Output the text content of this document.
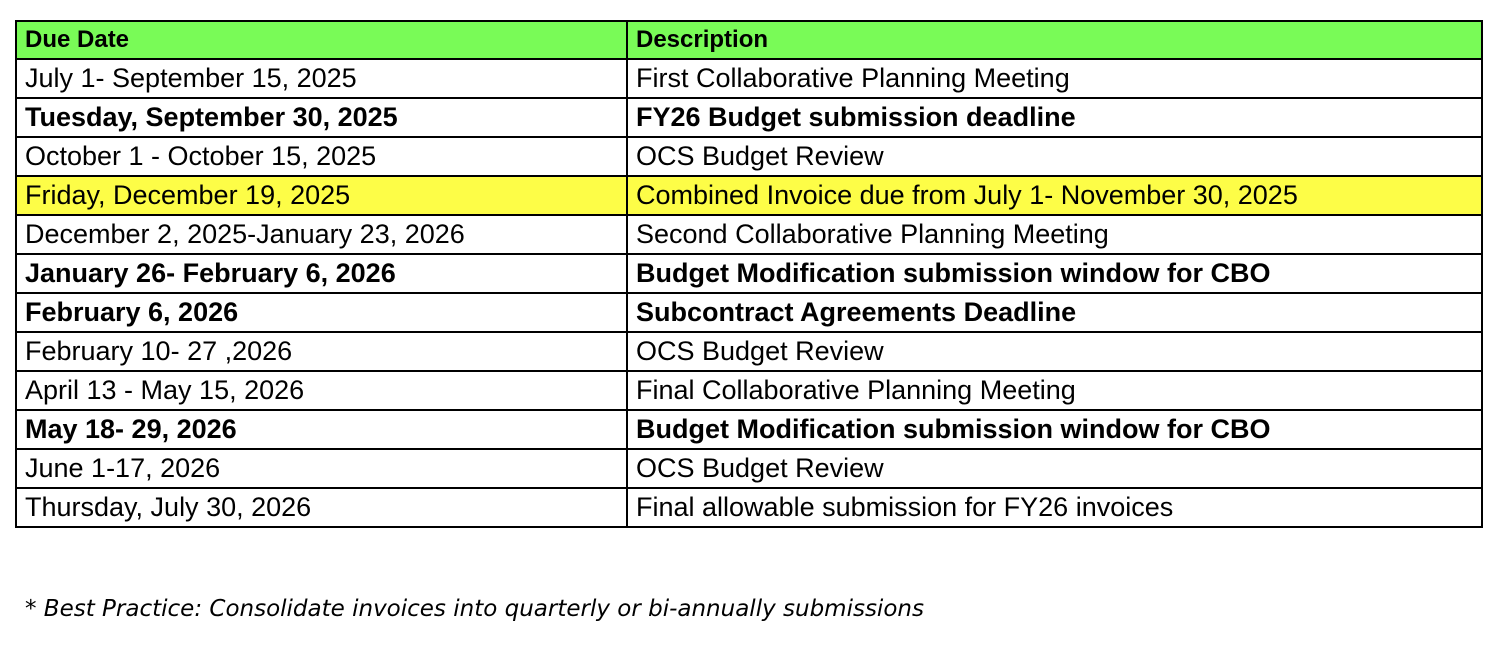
Due Date	Description
July 1- September 15, 2025	First Collaborative Planning Meeting
Tuesday, September 30, 2025	FY26 Budget submission deadline
October 1 - October 15, 2025	OCS Budget Review
Friday, December 19, 2025	Combined Invoice due from July 1- November 30, 2025
December 2, 2025-January 23, 2026	Second Collaborative Planning Meeting
January 26- February 6, 2026	Budget Modification submission window for CBO
February 6, 2026	Subcontract Agreements Deadline
February 10- 27 ,2026	OCS Budget Review
April 13 - May 15, 2026	Final Collaborative Planning Meeting
May 18- 29, 2026	Budget Modification submission window for CBO
June 1-17, 2026	OCS Budget Review
Thursday, July 30, 2026	Final allowable submission for FY26 invoices
* Best Practice: Consolidate invoices into quarterly or bi-annually submissions
